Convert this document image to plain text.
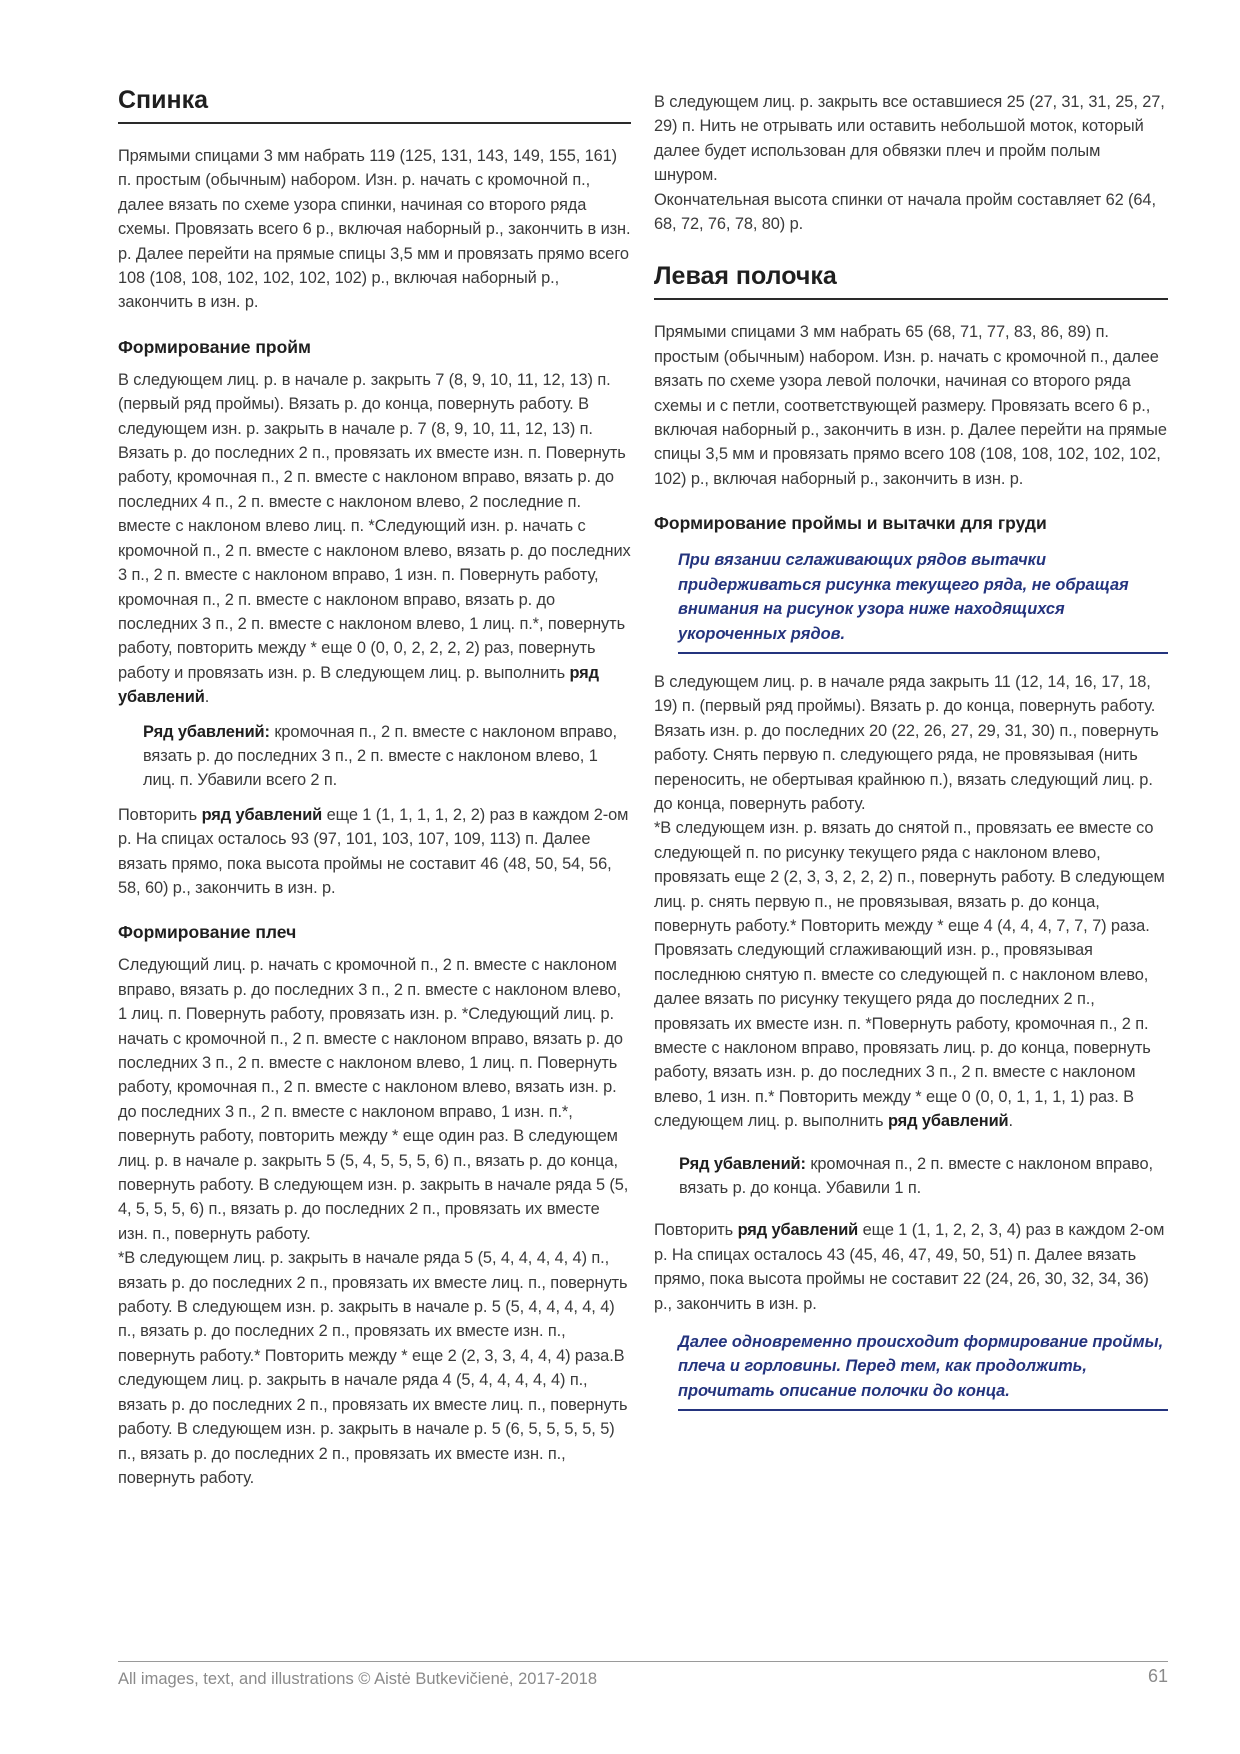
Спинка

Прямыми спицами 3 мм набрать 119 (125, 131, 143, 149, 155, 161) п. простым (обычным) набором. Изн. р. начать с кромочной п., далее вязать по схеме узора спинки, начиная со второго ряда схемы. Провязать всего 6 р., включая наборный р., закончить в изн. р. Далее перейти на прямые спицы 3,5 мм и провязать прямо всего 108 (108, 108, 102, 102, 102, 102) р., включая наборный р., закончить в изн. р.

Формирование пройм

В следующем лиц. р. в начале р. закрыть 7 (8, 9, 10, 11, 12, 13) п. (первый ряд проймы). Вязать р. до конца, повернуть работу. В следующем изн. р. закрыть в начале р. 7 (8, 9, 10, 11, 12, 13) п. Вязать р. до последних 2 п., провязать их вместе изн. п. Повернуть работу, кромочная п., 2 п. вместе с наклоном вправо, вязать р. до последних 4 п., 2 п. вместе с наклоном влево, 2 последние п. вместе с наклоном влево лиц. п. *Следующий изн. р. начать с кромочной п., 2 п. вместе с наклоном влево, вязать р. до последних 3 п., 2 п. вместе с наклоном вправо, 1 изн. п. Повернуть работу, кромочная п., 2 п. вместе с наклоном вправо, вязать р. до последних 3 п., 2 п. вместе с наклоном влево, 1 лиц. п.*, повернуть работу, повторить между * еще 0 (0, 0, 2, 2, 2, 2) раз, повернуть работу и провязать изн. р. В следующем лиц. р. выполнить ряд убавлений.

Ряд убавлений: кромочная п., 2 п. вместе с наклоном вправо, вязать р. до последних 3 п., 2 п. вместе с наклоном влево, 1 лиц. п. Убавили всего 2 п.

Повторить ряд убавлений еще 1 (1, 1, 1, 1, 2, 2) раз в каждом 2-ом р. На спицах осталось 93 (97, 101, 103, 107, 109, 113) п. Далее вязать прямо, пока высота проймы не составит 46 (48, 50, 54, 56, 58, 60) р., закончить в изн. р.

Формирование плеч

Следующий лиц. р. начать с кромочной п., 2 п. вместе с наклоном вправо, вязать р. до последних 3 п., 2 п. вместе с наклоном влево, 1 лиц. п. Повернуть работу, провязать изн. р. *Следующий лиц. р. начать с кромочной п., 2 п. вместе с наклоном вправо, вязать р. до последних 3 п., 2 п. вместе с наклоном влево, 1 лиц. п. Повернуть работу, кромочная п., 2 п. вместе с наклоном влево, вязать изн. р. до последних 3 п., 2 п. вместе с наклоном вправо, 1 изн. п.*, повернуть работу, повторить между * еще один раз. В следующем лиц. р. в начале р. закрыть 5 (5, 4, 5, 5, 5, 6) п., вязать р. до конца, повернуть работу. В следующем изн. р. закрыть в начале ряда 5 (5, 4, 5, 5, 5, 6) п., вязать р. до последних 2 п., провязать их вместе изн. п., повернуть работу.

*В следующем лиц. р. закрыть в начале ряда 5 (5, 4, 4, 4, 4, 4) п., вязать р. до последних 2 п., провязать их вместе лиц. п., повернуть работу. В следующем изн. р. закрыть в начале р. 5 (5, 4, 4, 4, 4, 4) п., вязать р. до последних 2 п., провязать их вместе изн. п., повернуть работу.* Повторить между * еще 2 (2, 3, 3, 4, 4, 4) раза.В следующем лиц. р. закрыть в начале ряда 4 (5, 4, 4, 4, 4, 4) п., вязать р. до последних 2 п., провязать их вместе лиц. п., повернуть работу. В следующем изн. р. закрыть в начале р. 5 (6, 5, 5, 5, 5, 5) п., вязать р. до последних 2 п., провязать их вместе изн. п., повернуть работу.

В следующем лиц. р. закрыть все оставшиеся 25 (27, 31, 31, 25, 27, 29) п. Нить не отрывать или оставить небольшой моток, который далее будет использован для обвязки плеч и пройм полым шнуром.

Окончательная высота спинки от начала пройм составляет 62 (64, 68, 72, 76, 78, 80) р.

Левая полочка

Прямыми спицами 3 мм набрать 65 (68, 71, 77, 83, 86, 89) п. простым (обычным) набором. Изн. р. начать с кромочной п., далее вязать по схеме узора левой полочки, начиная со второго ряда схемы и с петли, соответствующей размеру. Провязать всего 6 р., включая наборный р., закончить в изн. р. Далее перейти на прямые спицы 3,5 мм и провязать прямо всего 108 (108, 108, 102, 102, 102, 102) р., включая наборный р., закончить в изн. р.

Формирование проймы и вытачки для груди
При вязании сглаживающих рядов вытачки придерживаться рисунка текущего ряда, не обращая внимания на рисунок узора ниже находящихся укороченных рядов.

В следующем лиц. р. в начале ряда закрыть 11 (12, 14, 16, 17, 18, 19) п. (первый ряд проймы). Вязать р. до конца, повернуть работу. Вязать изн. р. до последних 20 (22, 26, 27, 29, 31, 30) п., повернуть работу. Снять первую п. следующего ряда, не провязывая (нить переносить, не обертывая крайнюю п.), вязать следующий лиц. р. до конца, повернуть работу.

*В следующем изн. р. вязать до снятой п., провязать ее вместе со следующей п. по рисунку текущего ряда с наклоном влево, провязать еще 2 (2, 3, 3, 2, 2, 2) п., повернуть работу. В следующем лиц. р. снять первую п., не провязывая, вязать р. до конца, повернуть работу.* Повторить между * еще 4 (4, 4, 4, 7, 7, 7) раза. Провязать следующий сглаживающий изн. р., провязывая последнюю снятую п. вместе со следующей п. с наклоном влево, далее вязать по рисунку текущего ряда до последних 2 п., провязать их вместе изн. п. *Повернуть работу, кромочная п., 2 п. вместе с наклоном вправо, провязать лиц. р. до конца, повернуть работу, вязать изн. р. до последних 3 п., 2 п. вместе с наклоном влево, 1 изн. п.* Повторить между * еще 0 (0, 0, 1, 1, 1, 1) раз. В следующем лиц. р. выполнить ряд убавлений.

Ряд убавлений: кромочная п., 2 п. вместе с наклоном вправо, вязать р. до конца. Убавили 1 п.

Повторить ряд убавлений еще 1 (1, 1, 2, 2, 3, 4) раз в каждом 2-ом р. На спицах осталось 43 (45, 46, 47, 49, 50, 51) п. Далее вязать прямо, пока высота проймы не составит 22 (24, 26, 30, 32, 34, 36) р., закончить в изн. р.

Далее одновременно происходит формирование проймы, плеча и горловины. Перед тем, как продолжить, прочитать описание полочки до конца.
All images, text, and illustrations © Aistė Butkevičienė, 2017-2018	61
